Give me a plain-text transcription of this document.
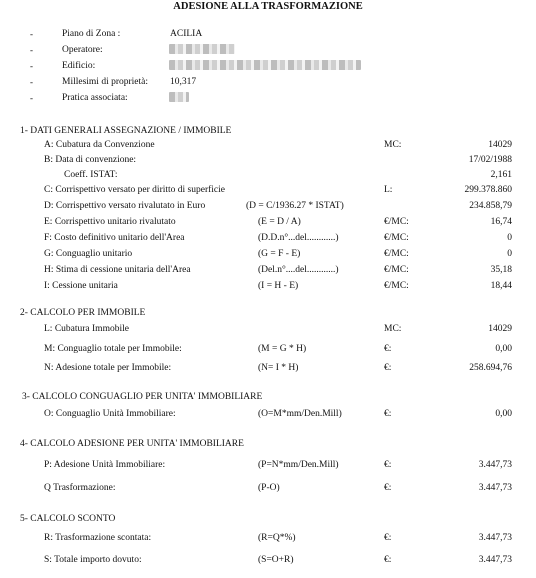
ADESIONE ALLA TRASFORMAZIONE
-	Piano di Zona :	ACILIA
-	Operatore:
-	Edificio:
-	Millesimi di proprietà: 10,317
-	Pratica associata:
1- DATI GENERALI ASSEGNAZIONE / IMMOBILE
A: Cubatura da Convenzione	MC:	14029
B: Data di convenzione:	17/02/1988
Coeff. ISTAT:	2,161
C: Corrispettivo versato per diritto di superficie	L:	299.378.860
D: Corrispettivo versato rivalutato in Euro	(D = C/1936.27 * ISTAT)	234.858,79
E: Corrispettivo unitario rivalutato	(E = D / A)	€/MC:	16,74
F: Costo definitivo unitario dell'Area	(D.D.n°...del............)	€/MC:	0
G: Conguaglio unitario	(G = F - E)	€/MC:	0
H: Stima di cessione unitaria dell'Area	(Del.n°....del............)	€/MC:	35,18
I: Cessione unitaria	(I = H - E)	€/MC:	18,44
2- CALCOLO PER IMMOBILE
L: Cubatura Immobile	MC:	14029
M: Conguaglio totale per Immobile:	(M = G * H)	€:	0,00
N: Adesione totale per Immobile:	(N= I * H)	€:	258.694,76
3- CALCOLO CONGUAGLIO PER UNITA' IMMOBILIARE
O: Conguaglio Unità Immobiliare:	(O=M*mm/Den.Mill)	€:	0,00
4- CALCOLO ADESIONE PER UNITA' IMMOBILIARE
P: Adesione Unità Immobiliare:	(P=N*mm/Den.Mill)	€:	3.447,73
Q Trasformazione:	(P-O)	€:	3.447,73
5- CALCOLO SCONTO
R: Trasformazione scontata:	(R=Q*%)	€:	3.447,73
S: Totale importo dovuto:	(S=O+R)	€:	3.447,73
